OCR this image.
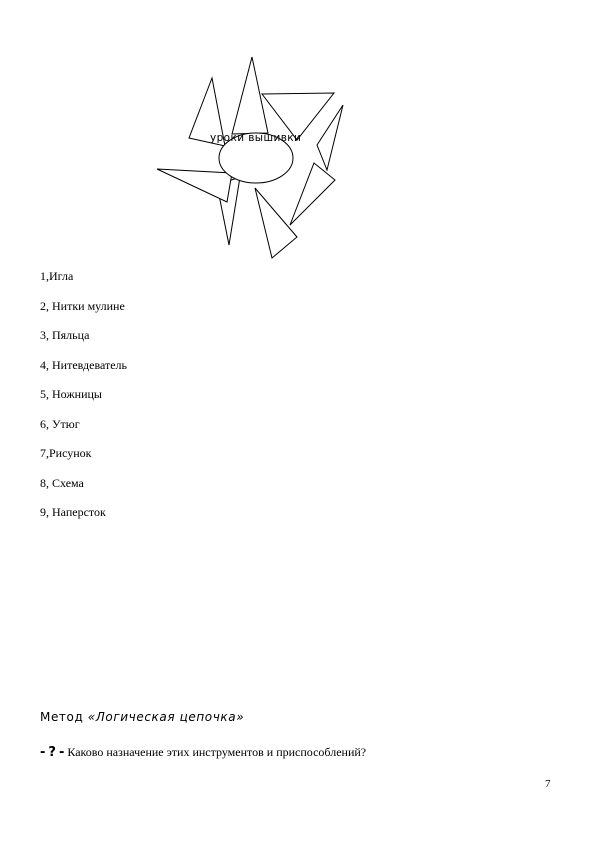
уроки вышивки
1,Игла
2, Нитки мулине
3, Пяльца
4, Нитевдеватель
5, Ножницы
6, Утюг
7,Рисунок
8, Схема
9, Наперсток
Метод «Логическая цепочка»
- ? - Каково назначение этих инструментов и приспособлений?
7
